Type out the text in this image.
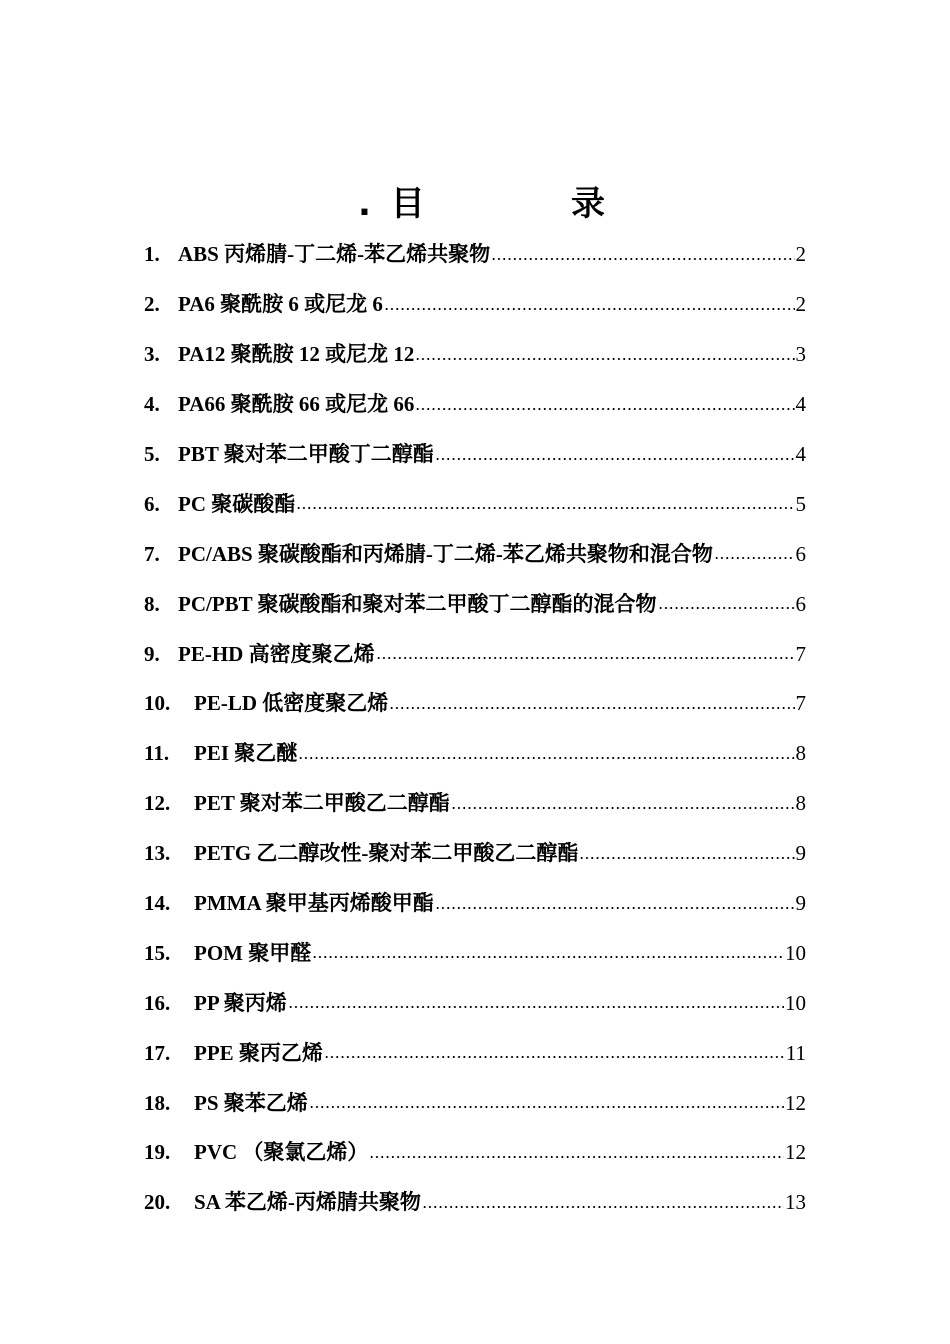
. 目	录
1. ABS 丙烯腈-丁二烯-苯乙烯共聚物	2
2. PA6 聚酰胺 6 或尼龙 6	2
3. PA12 聚酰胺 12 或尼龙 12	3
4. PA66 聚酰胺 66 或尼龙 66	4
5. PBT 聚对苯二甲酸丁二醇酯	4
6. PC 聚碳酸酯	5
7. PC/ABS 聚碳酸酯和丙烯腈-丁二烯-苯乙烯共聚物和混合物	6
8. PC/PBT 聚碳酸酯和聚对苯二甲酸丁二醇酯的混合物	6
9. PE-HD 高密度聚乙烯	7
10.	PE-LD 低密度聚乙烯	7
11.	PEI 聚乙醚	8
12.	PET 聚对苯二甲酸乙二醇酯	8
13.	PETG 乙二醇改性-聚对苯二甲酸乙二醇酯	9
14.	PMMA 聚甲基丙烯酸甲酯	9
15.	POM 聚甲醛	10
16.	PP 聚丙烯	10
17.	PPE 聚丙乙烯	11
18.	PS 聚苯乙烯	12
19.	PVC （聚氯乙烯）	12
20.	SA 苯乙烯-丙烯腈共聚物	13
